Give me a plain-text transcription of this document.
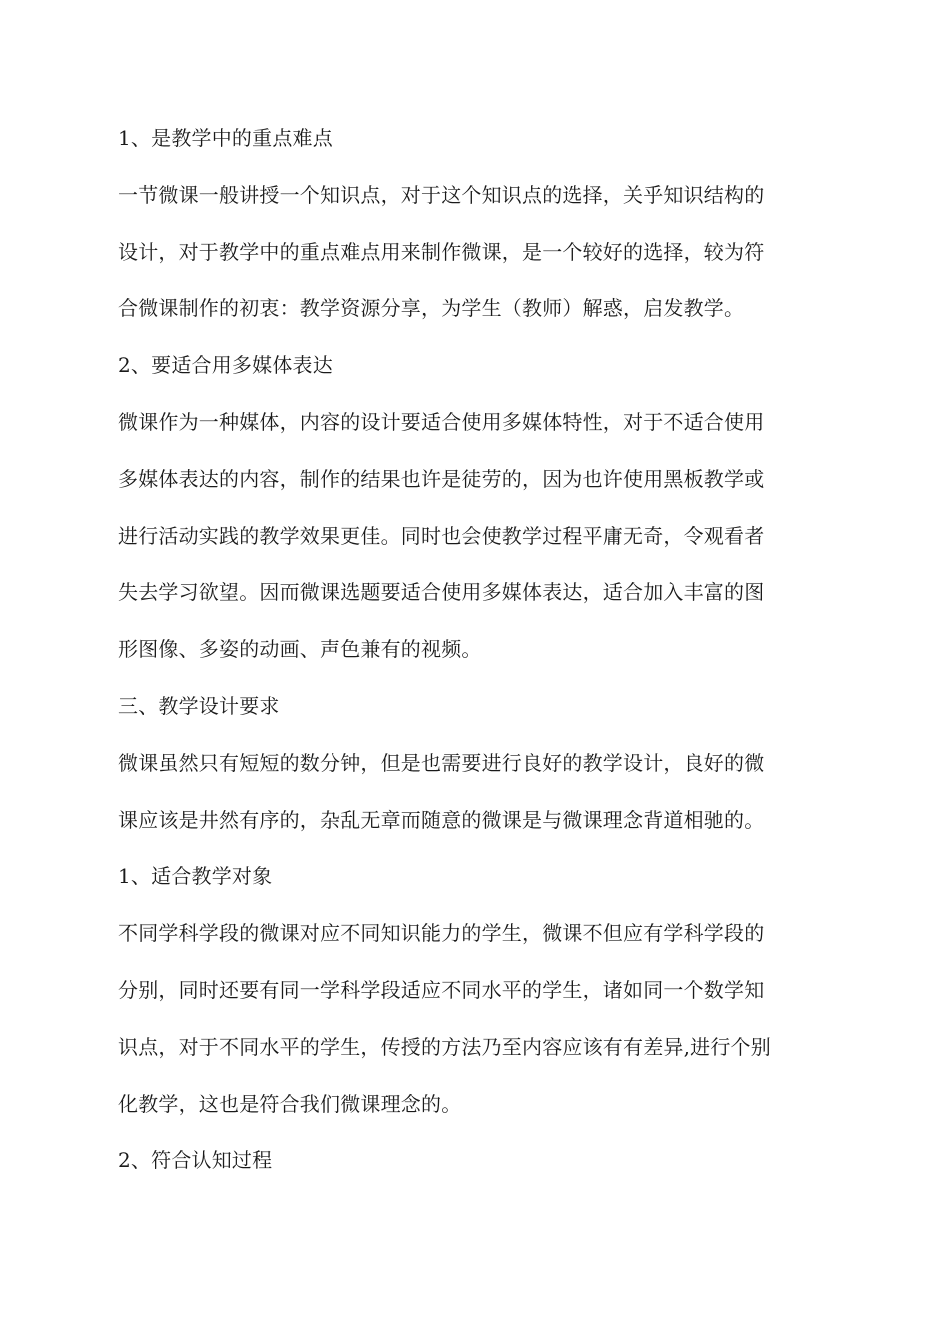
1、是教学中的重点难点
一节微课一般讲授一个知识点，对于这个知识点的选择，关乎知识结构的
设计，对于教学中的重点难点用来制作微课，是一个较好的选择，较为符
合微课制作的初衷：教学资源分享，为学生（教师）解惑，启发教学。
2、要适合用多媒体表达
微课作为一种媒体，内容的设计要适合使用多媒体特性，对于不适合使用
多媒体表达的内容，制作的结果也许是徒劳的，因为也许使用黑板教学或
进行活动实践的教学效果更佳。同时也会使教学过程平庸无奇，令观看者
失去学习欲望。因而微课选题要适合使用多媒体表达，适合加入丰富的图
形图像、多姿的动画、声色兼有的视频。
三、教学设计要求
微课虽然只有短短的数分钟，但是也需要进行良好的教学设计，良好的微
课应该是井然有序的，杂乱无章而随意的微课是与微课理念背道相驰的。
1、适合教学对象
不同学科学段的微课对应不同知识能力的学生，微课不但应有学科学段的
分别，同时还要有同一学科学段适应不同水平的学生，诸如同一个数学知
识点，对于不同水平的学生，传授的方法乃至内容应该有有差异,进行个别
化教学，这也是符合我们微课理念的。
2、符合认知过程
